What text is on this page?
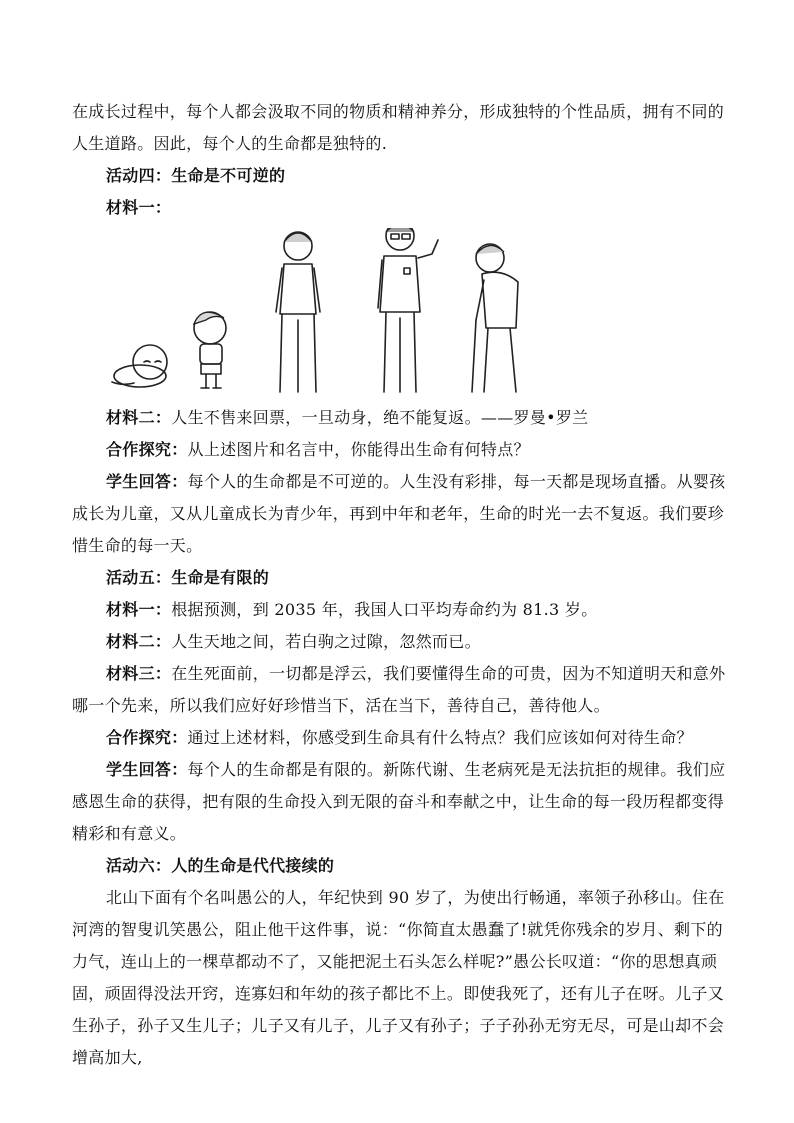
在成长过程中，每个人都会汲取不同的物质和精神养分，形成独特的个性品质，拥有不同的人生道路。因此，每个人的生命都是独特的.

活动四：生命是不可逆的

材料一：

材料二：人生不售来回票，一旦动身，绝不能复返。——罗曼•罗兰

合作探究：从上述图片和名言中，你能得出生命有何特点？

学生回答：每个人的生命都是不可逆的。人生没有彩排，每一天都是现场直播。从婴孩成长为儿童，又从儿童成长为青少年，再到中年和老年，生命的时光一去不复返。我们要珍惜生命的每一天。

活动五：生命是有限的

材料一：根据预测，到 2035 年，我国人口平均寿命约为 81.3 岁。

材料二：人生天地之间，若白驹之过隙，忽然而已。

材料三：在生死面前，一切都是浮云，我们要懂得生命的可贵，因为不知道明天和意外哪一个先来，所以我们应好好珍惜当下，活在当下，善待自己，善待他人。

合作探究：通过上述材料，你感受到生命具有什么特点？我们应该如何对待生命？

学生回答：每个人的生命都是有限的。新陈代谢、生老病死是无法抗拒的规律。我们应感恩生命的获得，把有限的生命投入到无限的奋斗和奉献之中，让生命的每一段历程都变得精彩和有意义。

活动六：人的生命是代代接续的

北山下面有个名叫愚公的人，年纪快到 90 岁了，为使出行畅通，率领子孙移山。住在河湾的智叟讥笑愚公，阻止他干这件事，说：“你简直太愚蠢了!就凭你残余的岁月、剩下的力气，连山上的一棵草都动不了，又能把泥土石头怎么样呢?”愚公长叹道：“你的思想真顽固，顽固得没法开窍，连寡妇和年幼的孩子都比不上。即使我死了，还有儿子在呀。儿子又生孙子，孙子又生儿子；儿子又有儿子，儿子又有孙子；子子孙孙无穷无尽，可是山却不会增高加大,
